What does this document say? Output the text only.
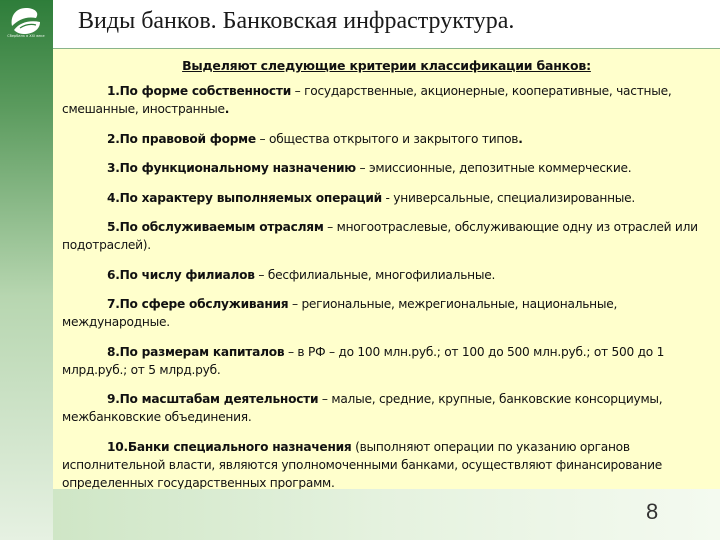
Сбербанк в XXI веке
Виды банков. Банковская инфраструктура.
Выделяют следующие критерии классификации банков:

1.По форме собственности – государственные, акционерные, кооперативные, частные, смешанные, иностранные.

2.По правовой форме – общества открытого и закрытого типов.

3.По функциональному назначению – эмиссионные, депозитные коммерческие.

4.По характеру выполняемых операций - универсальные, специализированные.

5.По обслуживаемым отраслям – многоотраслевые, обслуживающие одну из отраслей или подотраслей).

6.По числу филиалов – бесфилиальные, многофилиальные.

7.По сфере обслуживания – региональные, межрегиональные, национальные, международные.

8.По размерам капиталов – в РФ – до 100 млн.руб.; от 100 до 500 млн.руб.; от 500 до 1 млрд.руб.; от 5 млрд.руб.

9.По масштабам деятельности – малые, средние, крупные, банковские консорциумы, межбанковские объединения.

10.Банки специального назначения (выполняют операции по указанию органов исполнительной власти, являются уполномоченными банками, осуществляют финансирование определенных государственных программ.

8
